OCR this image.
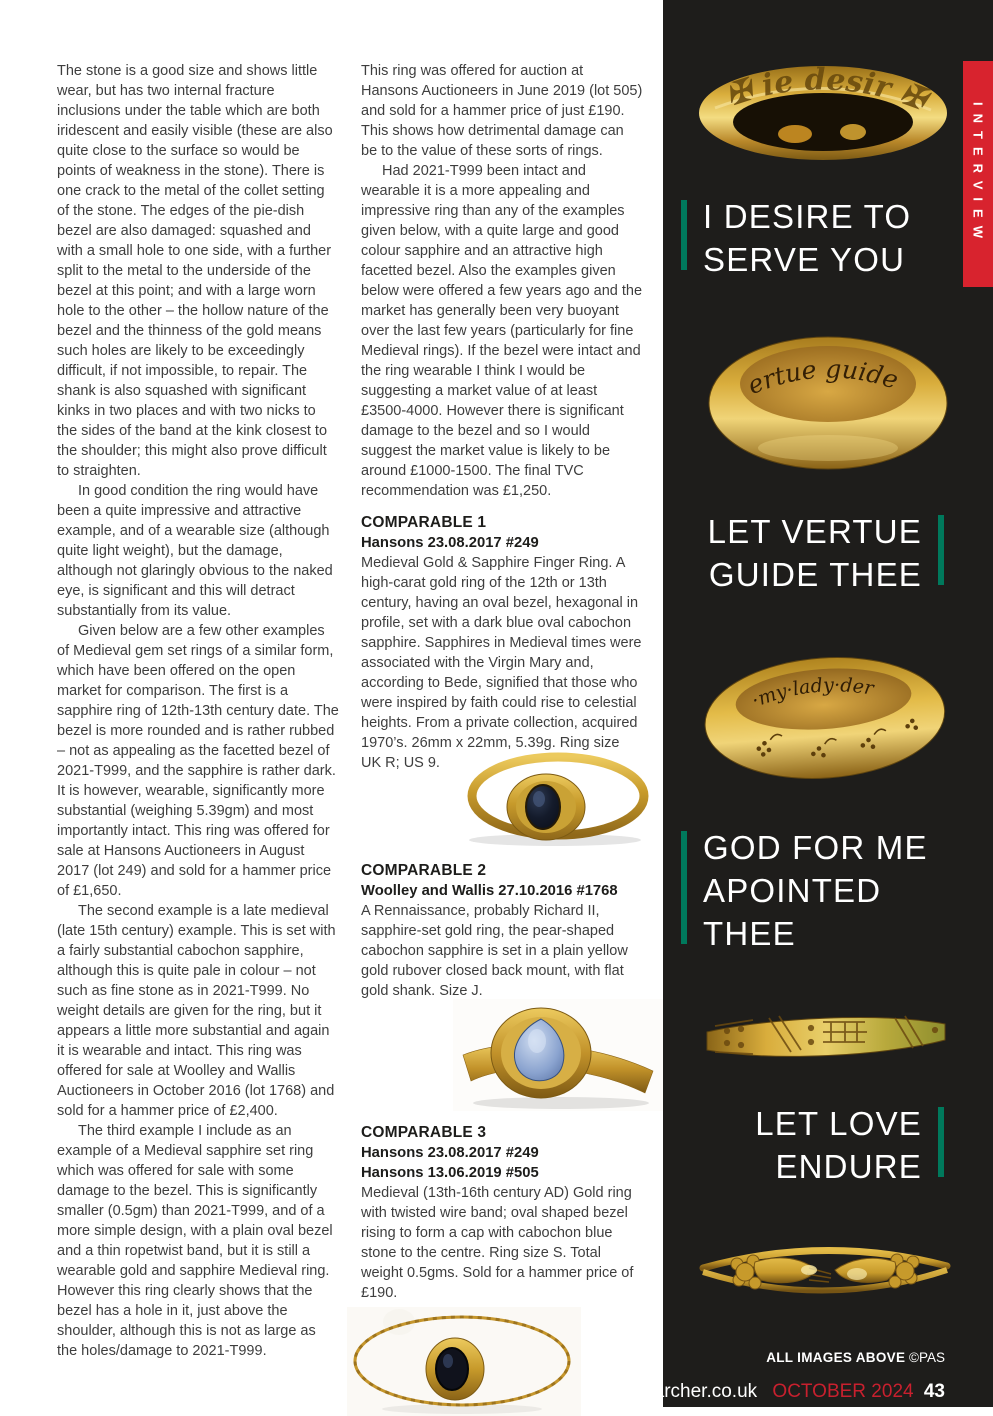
The stone is a good size and shows little wear, but has two internal fracture inclusions under the table which are both iridescent and easily visible (these are also quite close to the surface so would be points of weakness in the stone). There is one crack to the metal of the collet setting of the stone. The edges of the pie-dish bezel are also damaged: squashed and with a small hole to one side, with a further split to the metal to the underside of the bezel at this point; and with a large worn hole to the other – the hollow nature of the bezel and the thinness of the gold means such holes are likely to be exceedingly difficult, if not impossible, to repair. The shank is also squashed with significant kinks in two places and with two nicks to the sides of the band at the kink closest to the shoulder; this might also prove difficult to straighten.

In good condition the ring would have been a quite impressive and attractive example, and of a wearable size (although quite light weight), but the damage, although not glaringly obvious to the naked eye, is significant and this will detract substantially from its value.

Given below are a few other examples of Medieval gem set rings of a similar form, which have been offered on the open market for comparison. The first is a sapphire ring of 12th-13th century date. The bezel is more rounded and is rather rubbed – not as appealing as the facetted bezel of 2021-T999, and the sapphire is rather dark. It is however, wearable, significantly more substantial (weighing 5.39gm) and most importantly intact. This ring was offered for sale at Hansons Auctioneers in August 2017 (lot 249) and sold for a hammer price of £1,650.

The second example is a late medieval (late 15th century) example. This is set with a fairly substantial cabochon sapphire, although this is quite pale in colour – not such as fine stone as in 2021-T999. No weight details are given for the ring, but it appears a little more substantial and again it is wearable and intact. This ring was offered for sale at Woolley and Wallis Auctioneers in October 2016 (lot 1768) and sold for a hammer price of £2,400.

The third example I include as an example of a Medieval sapphire set ring which was offered for sale with some damage to the bezel. This is significantly smaller (0.5gm) than 2021-T999, and of a more simple design, with a plain oval bezel and a thin ropetwist band, but it is still a wearable gold and sapphire Medieval ring. However this ring clearly shows that the bezel has a hole in it, just above the shoulder, although this is not as large as the holes/damage to 2021-T999.

This ring was offered for auction at Hansons Auctioneers in June 2019 (lot 505) and sold for a hammer price of just £190. This shows how detrimental damage can be to the value of these sorts of rings.

Had 2021-T999 been intact and wearable it is a more appealing and impressive ring than any of the examples given below, with a quite large and good colour sapphire and an attractive high facetted bezel. Also the examples given below were offered a few years ago and the market has generally been very buoyant over the last few years (particularly for fine Medieval rings). If the bezel were intact and the ring wearable I think I would be suggesting a market value of at least £3500-4000. However there is significant damage to the bezel and so I would suggest the market value is likely to be around £1000-1500. The final TVC recommendation was £1,250.

COMPARABLE 1
Hansons 23.08.2017 #249

Medieval Gold & Sapphire Finger Ring. A high-carat gold ring of the 12th or 13th century, having an oval bezel, hexagonal in profile, set with a dark blue oval cabochon sapphire. Sapphires in Medieval times were associated with the Virgin Mary and, according to Bede, signified that those who were inspired by faith could rise to celestial heights. From a private collection, acquired 1970’s. 26mm x 22mm, 5.39g. Ring size UK R; US 9.

COMPARABLE 2
Woolley and Wallis 27.10.2016 #1768

A Rennaissance, probably Richard II, sapphire-set gold ring, the pear-shaped cabochon sapphire is set in a plain yellow gold rubover closed back mount, with flat gold shank. Size J.

COMPARABLE 3
Hansons 23.08.2017 #249
Hansons 13.06.2019 #505

Medieval (13th-16th century AD) Gold ring with twisted wire band; oval shaped bezel rising to form a cap with cabochon blue stone to the centre. Ring size S. Total weight 0.5gms. Sold for a hammer price of £190.

INTERVIEW
✠ ie desir ✠
I DESIRE TO
SERVE YOU
ertue guide
LET VERTUE
GUIDE THEE
·my·lady·der
GOD FOR ME
APOINTED
THEE
LET LOVE
ENDURE
ALL IMAGES ABOVE ©PAS
thesearcher.co.uk OCTOBER 2024 43
